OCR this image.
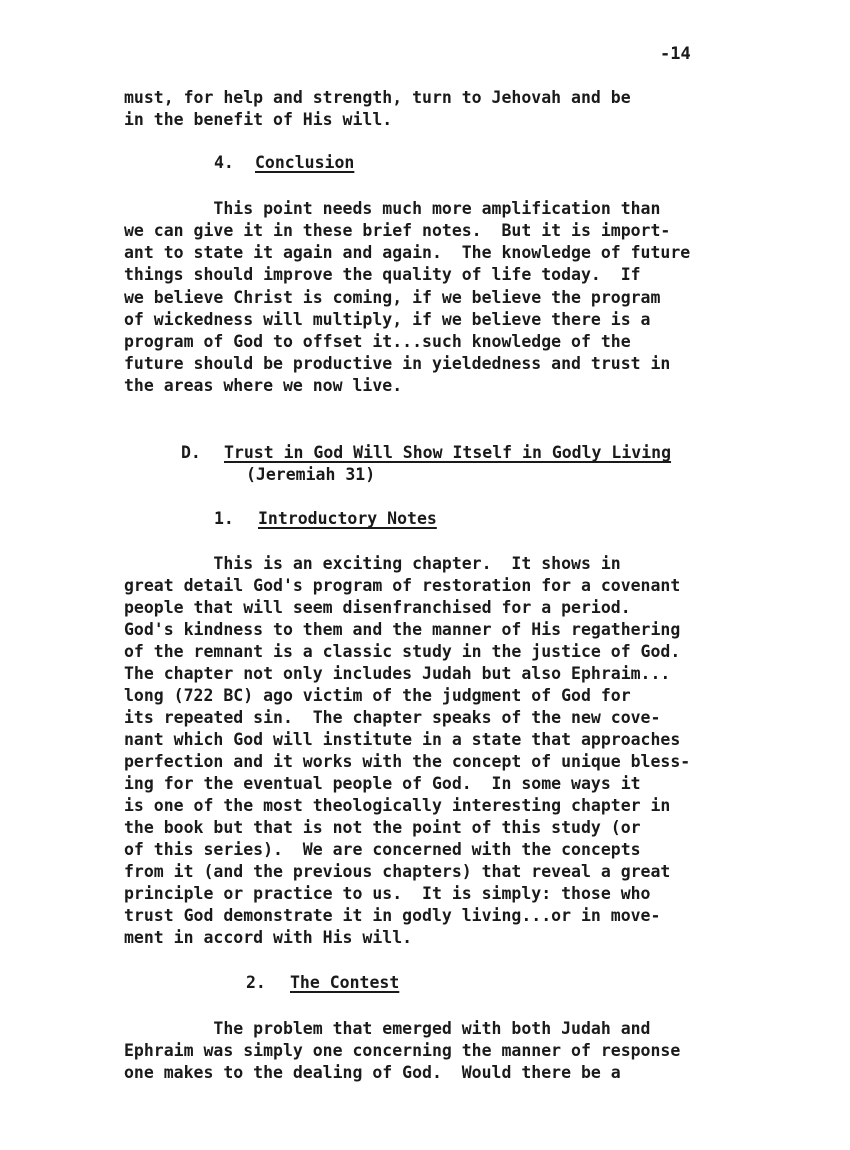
-14
must, for help and strength, turn to Jehovah and be
in the benefit of His will.
4. Conclusion
This point needs much more amplification than
we can give it in these brief notes.  But it is import-
ant to state it again and again.  The knowledge of future
things should improve the quality of life today.  If
we believe Christ is coming, if we believe the program
of wickedness will multiply, if we believe there is a
program of God to offset it...such knowledge of the
future should be productive in yieldedness and trust in
the areas where we now live.
D. Trust in God Will Show Itself in Godly Living
(Jeremiah 31)
1. Introductory Notes
This is an exciting chapter.  It shows in
great detail God's program of restoration for a covenant
people that will seem disenfranchised for a period.
God's kindness to them and the manner of His regathering
of the remnant is a classic study in the justice of God.
The chapter not only includes Judah but also Ephraim...
long (722 BC) ago victim of the judgment of God for
its repeated sin.  The chapter speaks of the new cove-
nant which God will institute in a state that approaches
perfection and it works with the concept of unique bless-
ing for the eventual people of God.  In some ways it
is one of the most theologically interesting chapter in
the book but that is not the point of this study (or
of this series).  We are concerned with the concepts
from it (and the previous chapters) that reveal a great
principle or practice to us.  It is simply: those who
trust God demonstrate it in godly living...or in move-
ment in accord with His will.
2. The Contest
The problem that emerged with both Judah and
Ephraim was simply one concerning the manner of response
one makes to the dealing of God.  Would there be a
